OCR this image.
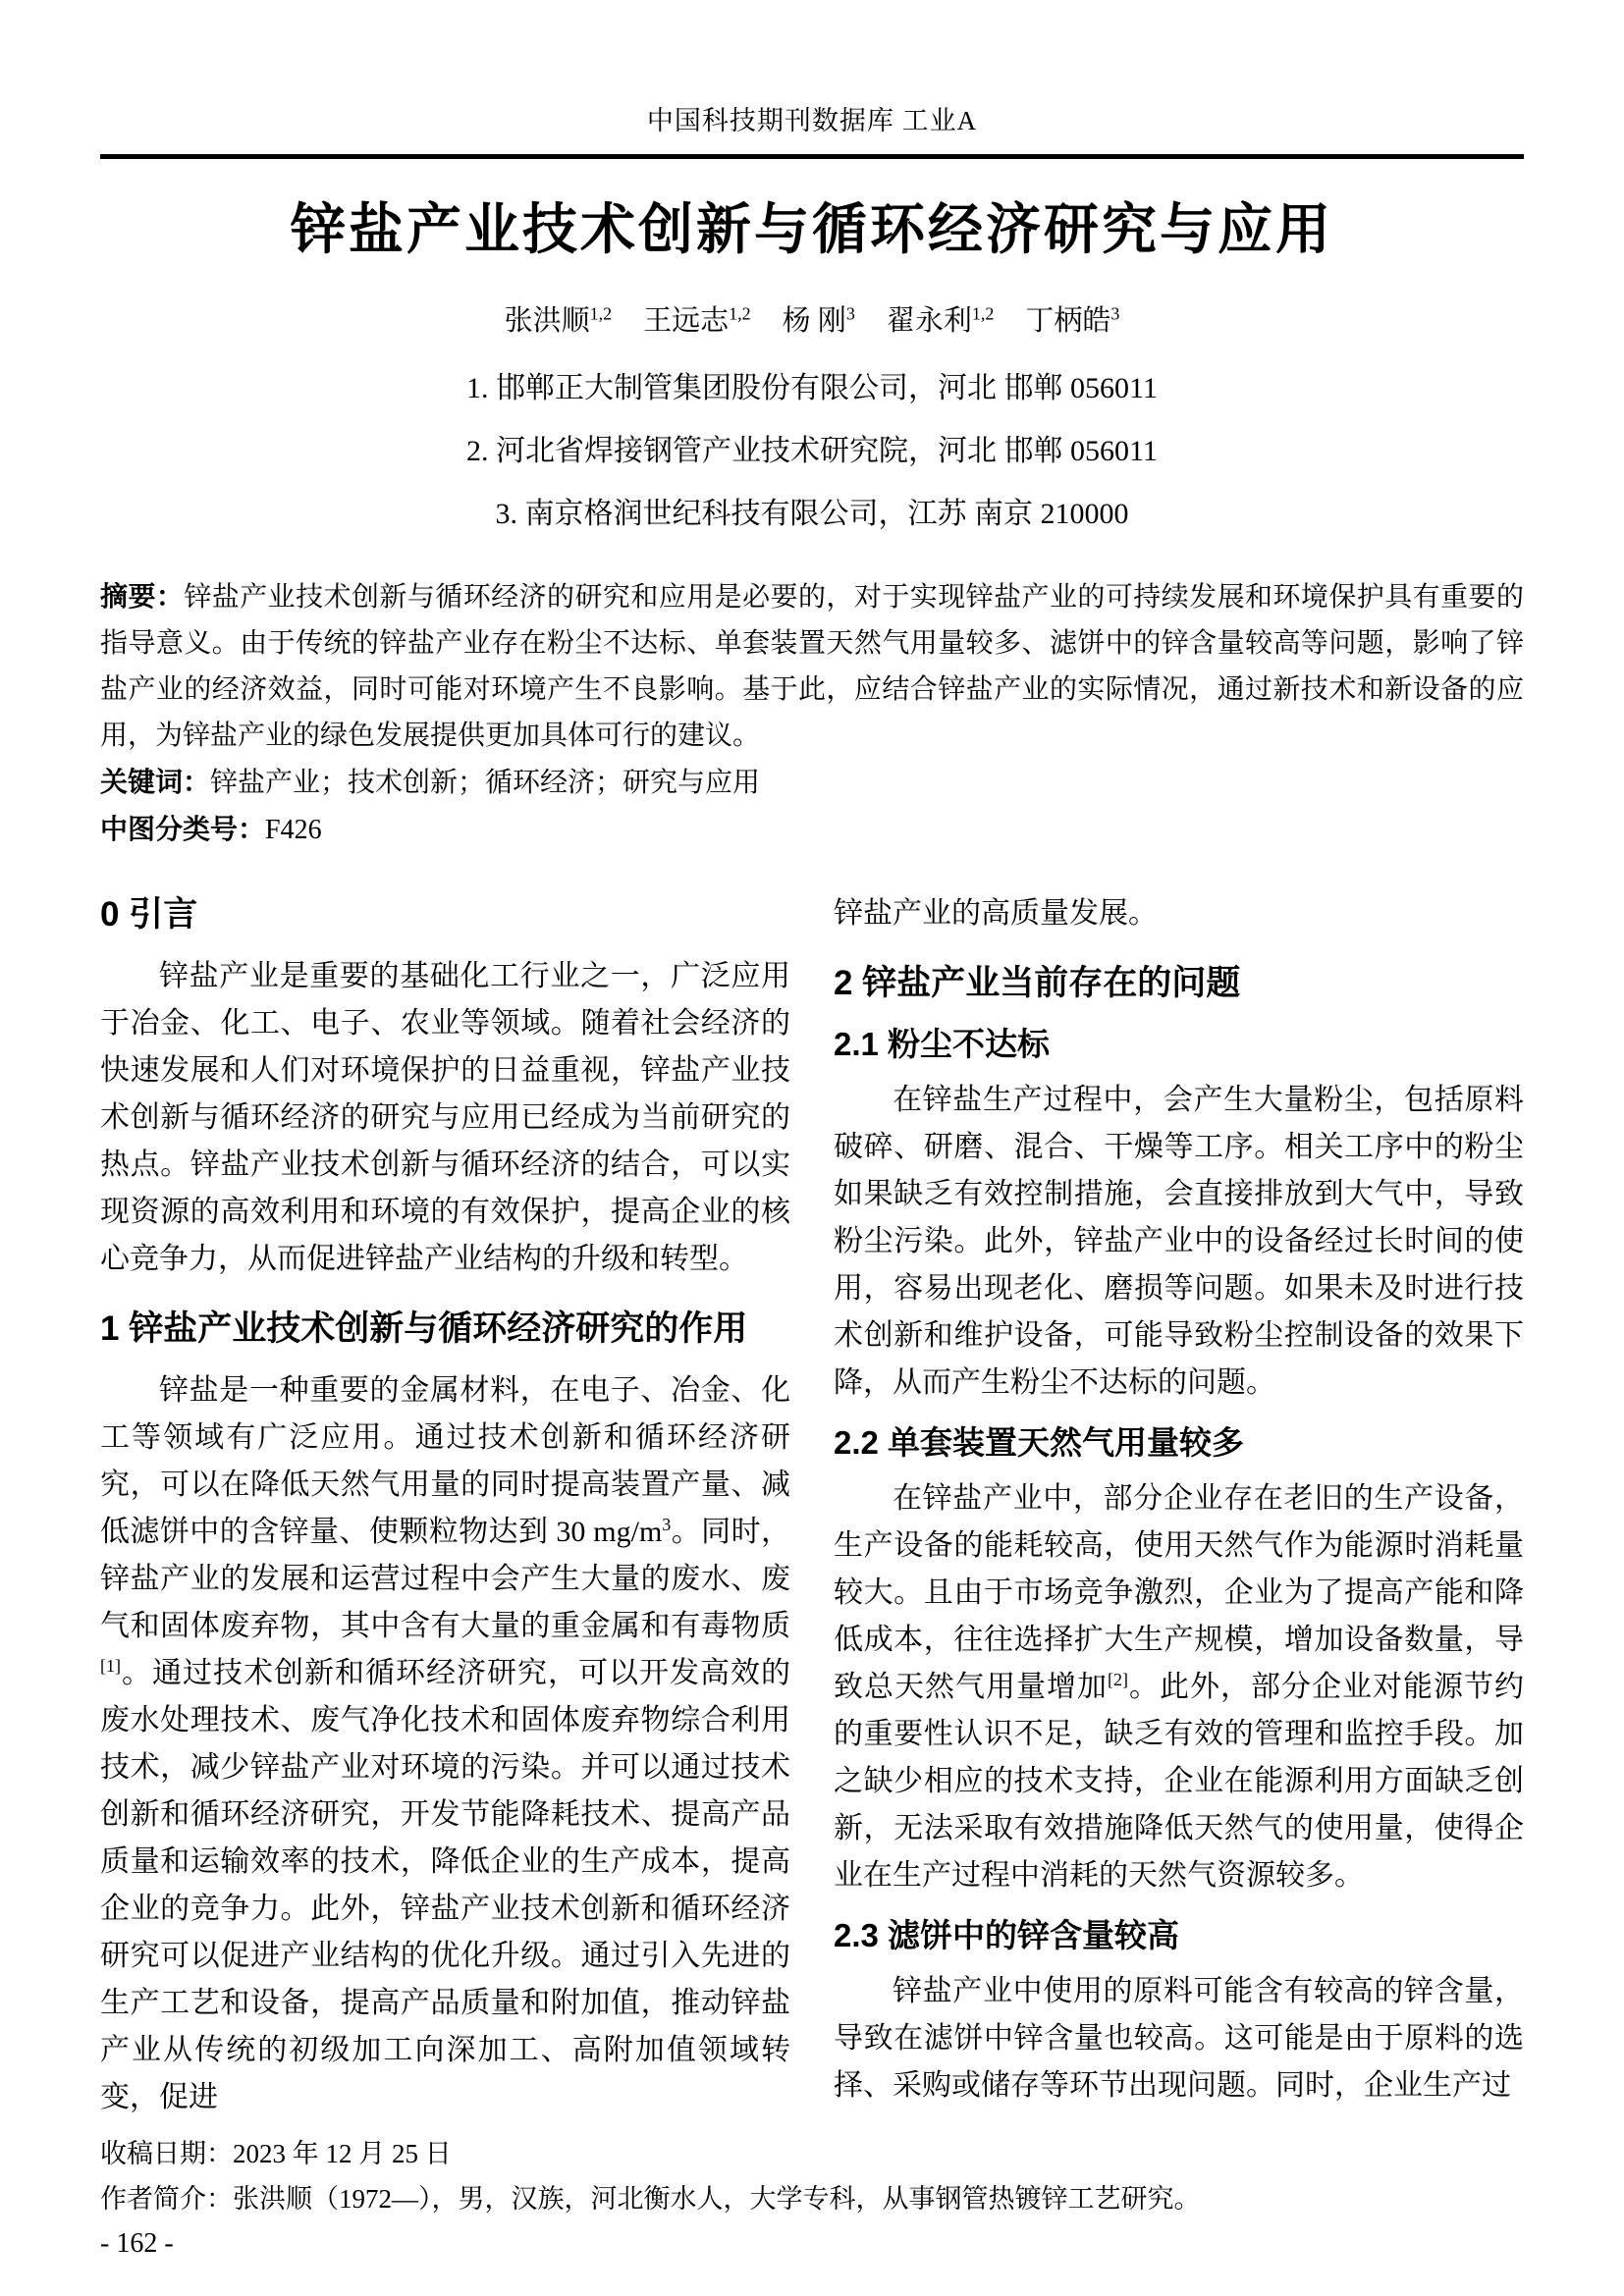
中国科技期刊数据库 工业A
锌盐产业技术创新与循环经济研究与应用
张洪顺$^{1,2}$ 王远志$^{1,2}$ 杨 刚$^3$ 翟永利$^{1,2}$ 丁柄皓$^3$
1. 邯郸正大制管集团股份有限公司，河北 邯郸 056011
2. 河北省焊接钢管产业技术研究院，河北 邯郸 056011
3. 南京格润世纪科技有限公司，江苏 南京 210000

摘要：锌盐产业技术创新与循环经济的研究和应用是必要的，对于实现锌盐产业的可持续发展和环境保护具有重要的指导意义。由于传统的锌盐产业存在粉尘不达标、单套装置天然气用量较多、滤饼中的锌含量较高等问题，影响了锌盐产业的经济效益，同时可能对环境产生不良影响。基于此，应结合锌盐产业的实际情况，通过新技术和新设备的应用，为锌盐产业的绿色发展提供更加具体可行的建议。

关键词：锌盐产业；技术创新；循环经济；研究与应用

中图分类号：F426

0 引言

锌盐产业是重要的基础化工行业之一，广泛应用于冶金、化工、电子、农业等领域。随着社会经济的快速发展和人们对环境保护的日益重视，锌盐产业技术创新与循环经济的研究与应用已经成为当前研究的热点。锌盐产业技术创新与循环经济的结合，可以实现资源的高效利用和环境的有效保护，提高企业的核心竞争力，从而促进锌盐产业结构的升级和转型。

1 锌盐产业技术创新与循环经济研究的作用

锌盐是一种重要的金属材料，在电子、冶金、化工等领域有广泛应用。通过技术创新和循环经济研究，可以在降低天然气用量的同时提高装置产量、减低滤饼中的含锌量、使颗粒物达到 30 $mg/m^3$。同时，锌盐产业的发展和运营过程中会产生大量的废水、废气和固体废弃物，其中含有大量的重金属和有毒物质[1]。通过技术创新和循环经济研究，可以开发高效的废水处理技术、废气净化技术和固体废弃物综合利用技术，减少锌盐产业对环境的污染。并可以通过技术创新和循环经济研究，开发节能降耗技术、提高产品质量和运输效率的技术，降低企业的生产成本，提高企业的竞争力。此外，锌盐产业技术创新和循环经济研究可以促进产业结构的优化升级。通过引入先进的生产工艺和设备，提高产品质量和附加值，推动锌盐产业从传统的初级加工向深加工、高附加值领域转变，促进

锌盐产业的高质量发展。

2 锌盐产业当前存在的问题
2.1 粉尘不达标

在锌盐生产过程中，会产生大量粉尘，包括原料破碎、研磨、混合、干燥等工序。相关工序中的粉尘如果缺乏有效控制措施，会直接排放到大气中，导致粉尘污染。此外，锌盐产业中的设备经过长时间的使用，容易出现老化、磨损等问题。如果未及时进行技术创新和维护设备，可能导致粉尘控制设备的效果下降，从而产生粉尘不达标的问题。

2.2 单套装置天然气用量较多

在锌盐产业中，部分企业存在老旧的生产设备，生产设备的能耗较高，使用天然气作为能源时消耗量较大。且由于市场竞争激烈，企业为了提高产能和降低成本，往往选择扩大生产规模，增加设备数量，导致总天然气用量增加[2]。此外，部分企业对能源节约的重要性认识不足，缺乏有效的管理和监控手段。加之缺少相应的技术支持，企业在能源利用方面缺乏创新，无法采取有效措施降低天然气的使用量，使得企业在生产过程中消耗的天然气资源较多。

2.3 滤饼中的锌含量较高

锌盐产业中使用的原料可能含有较高的锌含量，导致在滤饼中锌含量也较高。这可能是由于原料的选择、采购或储存等环节出现问题。同时，企业生产过

收稿日期：2023 年 12 月 25 日
作者简介：张洪顺（1972—），男，汉族，河北衡水人，大学专科，从事钢管热镀锌工艺研究。
- 162 -
